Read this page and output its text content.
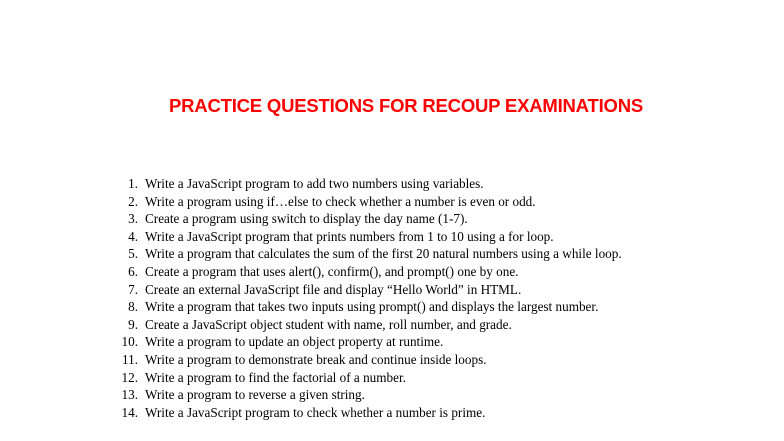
PRACTICE QUESTIONS FOR RECOUP EXAMINATIONS
1. Write a JavaScript program to add two numbers using variables.
2. Write a program using if…else to check whether a number is even or odd.
3. Create a program using switch to display the day name (1-7).
4. Write a JavaScript program that prints numbers from 1 to 10 using a for loop.
5. Write a program that calculates the sum of the first 20 natural numbers using a while loop.
6. Create a program that uses alert(), confirm(), and prompt() one by one.
7. Create an external JavaScript file and display “Hello World” in HTML.
8. Write a program that takes two inputs using prompt() and displays the largest number.
9. Create a JavaScript object student with name, roll number, and grade.
10. Write a program to update an object property at runtime.
11. Write a program to demonstrate break and continue inside loops.
12. Write a program to find the factorial of a number.
13. Write a program to reverse a given string.
14. Write a JavaScript program to check whether a number is prime.
